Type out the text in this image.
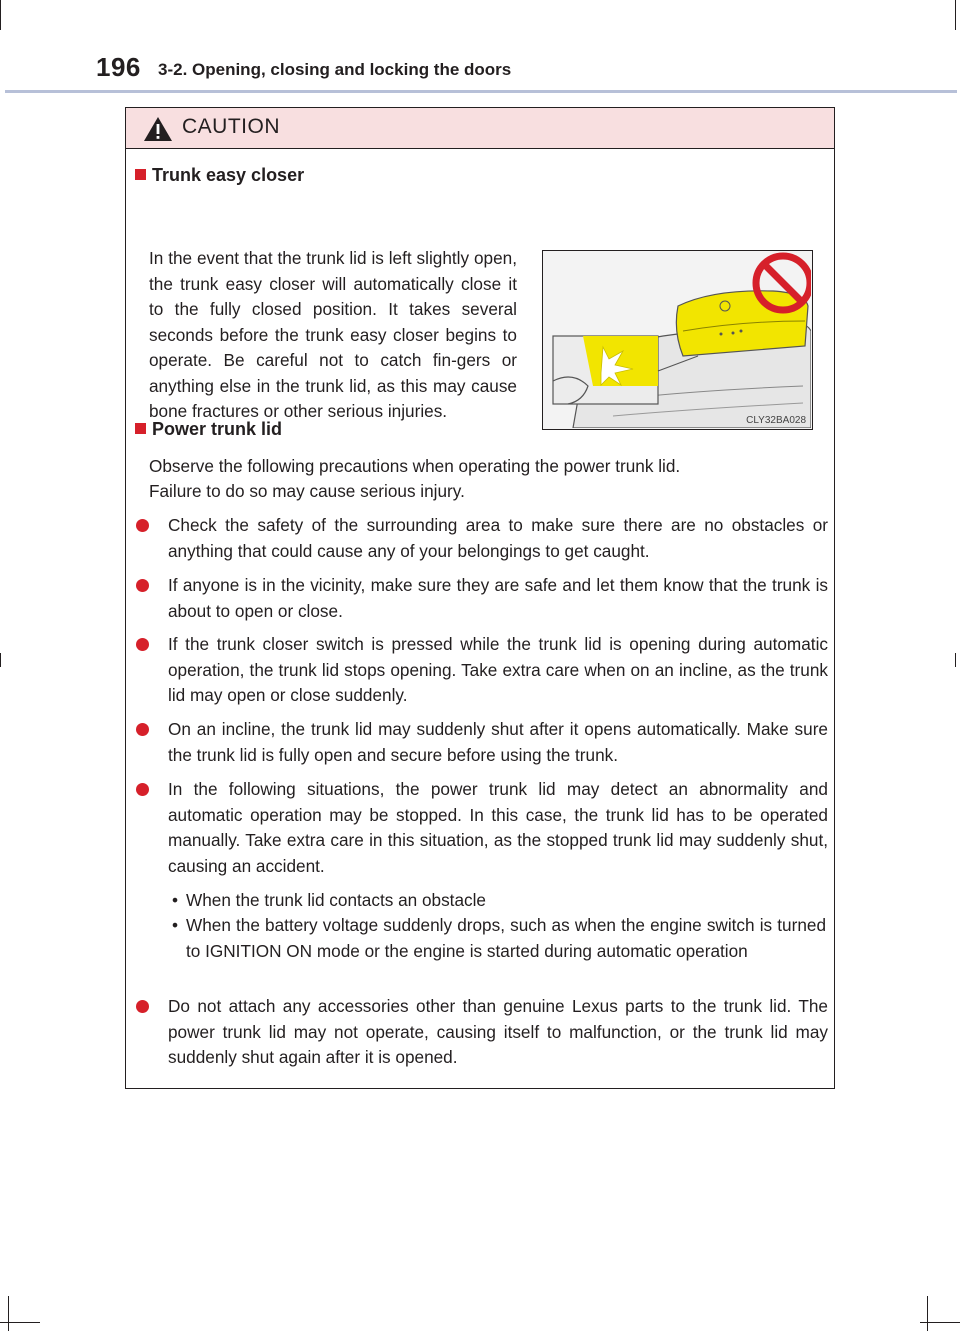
196 3-2. Opening, closing and locking the doors
CAUTION
Trunk easy closer
In the event that the trunk lid is left slightly open, the trunk easy closer will automatically close it to the fully closed position. It takes several seconds before the trunk easy closer begins to operate. Be careful not to catch fin-gers or anything else in the trunk lid, as this may cause bone fractures or other serious injuries.	CLY32BA028
Power trunk lid
Observe the following precautions when operating the power trunk lid.
Failure to do so may cause serious injury.
Check the safety of the surrounding area to make sure there are no obstacles or anything that could cause any of your belongings to get caught.
If anyone is in the vicinity, make sure they are safe and let them know that the trunk is about to open or close.
If the trunk closer switch is pressed while the trunk lid is opening during automatic operation, the trunk lid stops opening. Take extra care when on an incline, as the trunk lid may open or close suddenly.
On an incline, the trunk lid may suddenly shut after it opens automatically. Make sure the trunk lid is fully open and secure before using the trunk.
In the following situations, the power trunk lid may detect an abnormality and automatic operation may be stopped. In this case, the trunk lid has to be operated manually. Take extra care in this situation, as the stopped trunk lid may suddenly shut, causing an accident.
• When the trunk lid contacts an obstacle
• When the battery voltage suddenly drops, such as when the engine switch is turned to IGNITION ON mode or the engine is started during automatic operation
Do not attach any accessories other than genuine Lexus parts to the trunk lid. The power trunk lid may not operate, causing itself to malfunction, or the trunk lid may suddenly shut again after it is opened.
